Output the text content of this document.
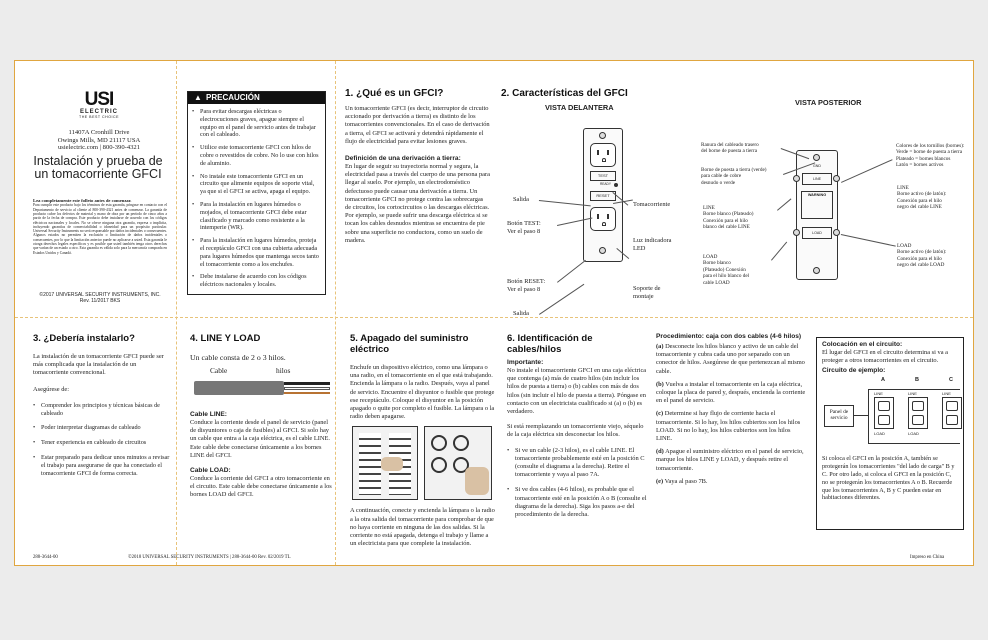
USI
ELECTRIC
THE BEST CHOICE
11407A Cronhill Drive
Owings Mills, MD 21117 USA
usielectric.com | 800-390-4321
Instalación y prueba de un tomacorriente GFCI
Lea completamente este folleto antes de comenzar.
Para cumplir este producto bajo los términos de esta garantía, póngase en contacto con el Departamento de servicio al cliente al 800-390-4321 antes de comenzar. La garantía de producto cubre los defectos de material y mano de obra por un período de cinco años a partir de la fecha de compra. Este producto debe instalarse de acuerdo con los códigos eléctricos nacionales y locales. No se ofrece ninguna otra garantía, expresa o implícita, incluyendo garantías de comerciabilidad o idoneidad para un propósito particular. Universal Security Instruments no será responsable por daños incidentales o consecuentes. Algunos estados no permiten la exclusión o limitación de daños incidentales o consecuentes, por lo que la limitación anterior puede no aplicarse a usted. Esta garantía le otorga derechos legales específicos y es posible que usted también tenga otros derechos que varían de un estado a otro. Esta garantía es válida solo para la mercancía comprada en Estados Unidos y Canadá.
©2017 UNIVERSAL SECURITY INSTRUMENTS, INC.
Rev. 11/2017 BKS
▲ PRECAUCIÓN
• Para evitar descargas eléctricas o electrocuciones graves, apague siempre el equipo en el panel de servicio antes de trabajar con el cableado.
• Utilice este tomacorriente GFCI con hilos de cobre o revestidos de cobre. No lo use con hilos de aluminio.
• No instale este tomacorriente GFCI en un circuito que alimente equipos de soporte vital, ya que si el GFCI se activa, apaga el equipo.
• Para la instalación en lugares húmedos o mojados, el tomacorriente GFCI debe estar clasificado y marcado como resistente a la intemperie (WR).
• Para la instalación en lugares húmedos, proteja el receptáculo GFCI con una cubierta adecuada para lugares húmedos que mantenga secos tanto el tomacorriente como a los enchufes.
• Debe instalarse de acuerdo con los códigos eléctricos nacionales y locales.
1. ¿Qué es un GFCI?
Un tomacorriente GFCI (es decir, interruptor de circuito accionado por derivación a tierra) es distinto de los tomacorrientes convencionales. En el caso de derivación a tierra, el GFCI se activará y detendrá rápidamente el flujo de electricidad para evitar lesiones graves.
Definición de una derivación a tierra:
En lugar de seguir su trayectoria normal y segura, la electricidad pasa a través del cuerpo de una persona para llegar al suelo. Por ejemplo, un electrodoméstico defectuoso puede causar una derivación a tierra. Un tomacorriente GFCI no protege contra las sobrecargas de circuitos, los cortocircuitos o las descargas eléctricas. Por ejemplo, se puede sufrir una descarga eléctrica si se tocan los cables desnudos mientras se encuentra de pie sobre una superficie no conductora, como un suelo de madera.
2. Características del GFCI
VISTA DELANTERA
VISTA POSTERIOR
TEST
READY
RESET
Salida
Botón TEST:
Ver el paso 8
Botón RESET:
Ver el paso 8
Salida
Tomacorriente
Luz indicadora
LED
Soporte de
montaje
GND
LINE
WARNING
LOAD
Ranura del cableado trasero
del borne de puesta a tierra
Borne de puesta a tierra (verde)
para cable de cobre
desnudo o verde
LINE
Borne blanco (Plateado)
Conexión para el hilo
blanco del cable LINE
LOAD
Borne blanco
(Plateado) Conexión
para el hilo blanco del
cable LOAD
Colores de los tornillos (bornes):
Verde = borne de puesta a tierra
Plateado = bornes blancos
Latón = bornes activos
LINE
Borne activo (de latón):
Conexión para el hilo
negro del cable LINE
LOAD
Borne activo (de latón):
Conexión para el hilo
negro del cable LOAD
3. ¿Debería instalarlo?
La instalación de un tomacorriente GFCI puede ser más complicada que la instalación de un tomacorriente convencional.
Asegúrese de:
• Comprender los principios y técnicas básicas de cableado
• Poder interpretar diagramas de cableado
• Tener experiencia en cableado de circuitos
• Estar preparado para dedicar unos minutos a revisar el trabajo para asegurarse de que ha conectado el tomacorriente GFCI de forma correcta.
4. LINE Y LOAD
Un cable consta de 2 o 3 hilos.
Cable	hilos
Cable LINE:
Conduce la corriente desde el panel de servicio (panel de disyuntores o caja de fusibles) al GFCI. Si solo hay un cable que entra a la caja eléctrica, es el cable LINE. Este cable debe conectarse únicamente a los bornes LINE del GFCI.
Cable LOAD:
Conduce la corriente del GFCI a otro tomacorriente en el circuito. Este cable debe conectarse únicamente a los bornes LOAD del GFCI.
5. Apagado del suministro eléctrico
Enchufe un dispositivo eléctrico, como una lámpara o una radio, en el tomacorriente en el que está trabajando. Encienda la lámpara o la radio. Después, vaya al panel de servicio. Encuentre el disyuntor o fusible que protege ese receptáculo. Coloque el disyuntor en la posición apagado o quite por completo el fusible. La lámpara o la radio deben apagarse.
A continuación, conecte y encienda la lámpara o la radio a la otra salida del tomacorriente para comprobar de que no haya corriente en ninguna de las dos salidas. Si la corriente no está apagada, detenga el trabajo y llame a un electricista para que complete la instalación.
6. Identificación de cables/hilos
Importante:
No instale el tomacorriente GFCI en una caja eléctrica que contenga (a) más de cuatro hilos (sin incluir los hilos de puesta a tierra) o (b) cables con más de dos hilos (sin incluir el hilo de puesta a tierra). Póngase en contacto con un electricista cualificado si (a) o (b) es verdadero.
Si está reemplazando un tomacorriente viejo, séquelo de la caja eléctrica sin desconectar los hilos.
• Si ve un cable (2-3 hilos), es el cable LINE. El tomacorriente probablemente esté en la posición C (consulte el diagrama a la derecha). Retire el tomacorriente y vaya al paso 7A.
• Si ve dos cables (4-6 hilos), es probable que el tomacorriente esté en la posición A o B (consulte el diagrama de la derecha). Siga los pasos a-e del procedimiento de la derecha.
Procedimiento: caja con dos cables (4-6 hilos)
(a) Desconecte los hilos blanco y activo de un cable del tomacorriente y cubra cada uno por separado con un conector de hilos. Asegúrese de que pertenezcan al mismo cable.
(b) Vuelva a instalar el tomacorriente en la caja eléctrica, coloque la placa de pared y, después, encienda la corriente en el panel de servicio.
(c) Determine si hay flujo de corriente hacia el tomacorriente. Si lo hay, los hilos cubiertos son los hilos LOAD. Si no lo hay, los hilos cubiertos son los hilos LINE.
(d) Apague el suministro eléctrico en el panel de servicio, marque los hilos LINE y LOAD, y después retire el tomacorriente.
(e) Vaya al paso 7B.
Colocación en el circuito:
El lugar del GFCI en el circuito determina si va a proteger a otros tomacorrientes en el circuito.
Circuito de ejemplo:
Panel de servicio
A	B	C
LINE
LOAD
LINE
LOAD
LINE
Si coloca el GFCI en la posición A, también se protegerán los tomacorrientes "del lado de carga" B y C. Por otro lado, si coloca el GFCI en la posición C, no se protegerán los tomacorrientes A o B. Recuerde que los tomacorrientes A, B y C pueden estar en habitaciones diferentes.
288-3644-00	©2018 UNIVERSAL SECURITY INSTRUMENTS | 288-3644-00 Rev. 02/2019 TL	Impreso en China
